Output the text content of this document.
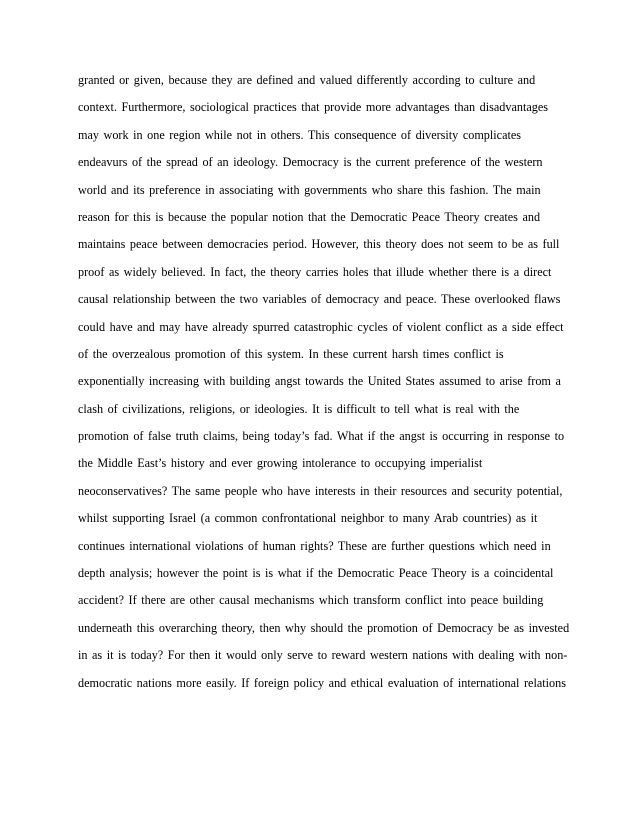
granted or given, because they are defined and valued differently according to culture and
context. Furthermore, sociological practices that provide more advantages than disadvantages
may work in one region while not in others. This consequence of diversity complicates
endeavurs of the spread of an ideology. Democracy is the current preference of the western
world and its preference in associating with governments who share this fashion. The main
reason for this is because the popular notion that the Democratic Peace Theory creates and
maintains peace between democracies period. However, this theory does not seem to be as full
proof as widely believed. In fact, the theory carries holes that illude whether there is a direct
causal relationship between the two variables of democracy and peace. These overlooked flaws
could have and may have already spurred catastrophic cycles of violent conflict as a side effect
of the overzealous promotion of this system. In these current harsh times conflict is
exponentially increasing with building angst towards the United States assumed to arise from a
clash of civilizations, religions, or ideologies. It is difficult to tell what is real with the
promotion of false truth claims, being today’s fad. What if the angst is occurring in response to
the Middle East’s history and ever growing intolerance to occupying imperialist
neoconservatives? The same people who have interests in their resources and security potential,
whilst supporting Israel (a common confrontational neighbor to many Arab countries) as it
continues international violations of human rights? These are further questions which need in
depth analysis; however the point is is what if the Democratic Peace Theory is a coincidental
accident? If there are other causal mechanisms which transform conflict into peace building
underneath this overarching theory, then why should the promotion of Democracy be as invested
in as it is today? For then it would only serve to reward western nations with dealing with non-
democratic nations more easily. If foreign policy and ethical evaluation of international relations
